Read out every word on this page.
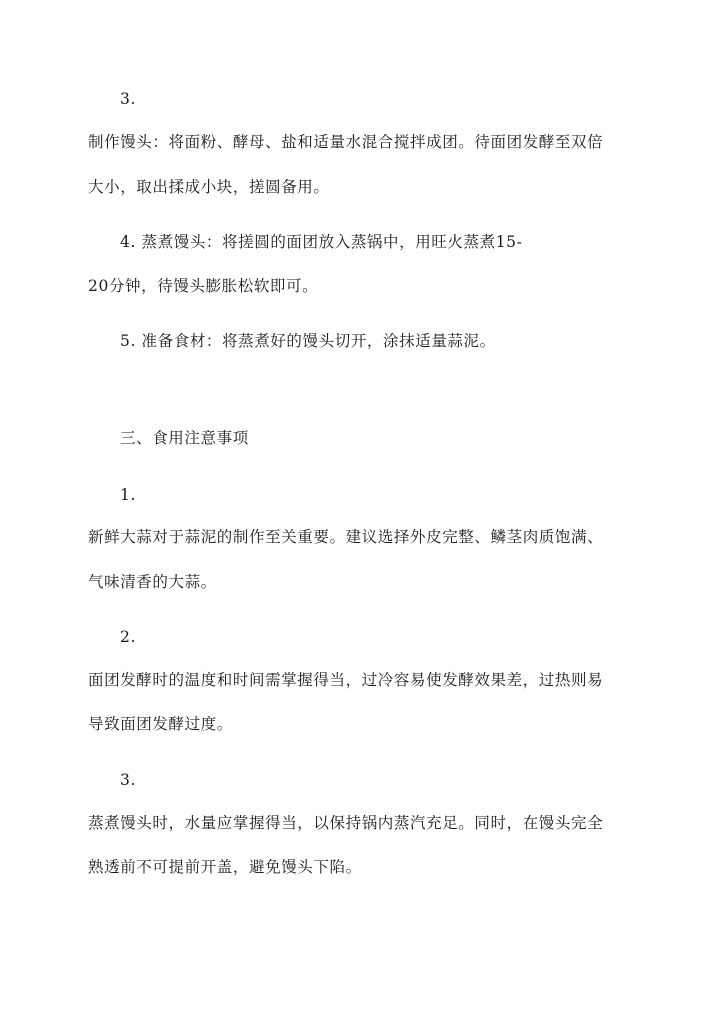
3.
制作馒头：将面粉、酵母、盐和适量水混合搅拌成团。待面团发酵至双倍
大小，取出揉成小块，搓圆备用。
4. 蒸煮馒头：将搓圆的面团放入蒸锅中，用旺火蒸煮15-
20分钟，待馒头膨胀松软即可。
5. 准备食材：将蒸煮好的馒头切开，涂抹适量蒜泥。
三、食用注意事项
1.
新鲜大蒜对于蒜泥的制作至关重要。建议选择外皮完整、鳞茎肉质饱满、
气味清香的大蒜。
2.
面团发酵时的温度和时间需掌握得当，过冷容易使发酵效果差，过热则易
导致面团发酵过度。
3.
蒸煮馒头时，水量应掌握得当，以保持锅内蒸汽充足。同时，在馒头完全
熟透前不可提前开盖，避免馒头下陷。
